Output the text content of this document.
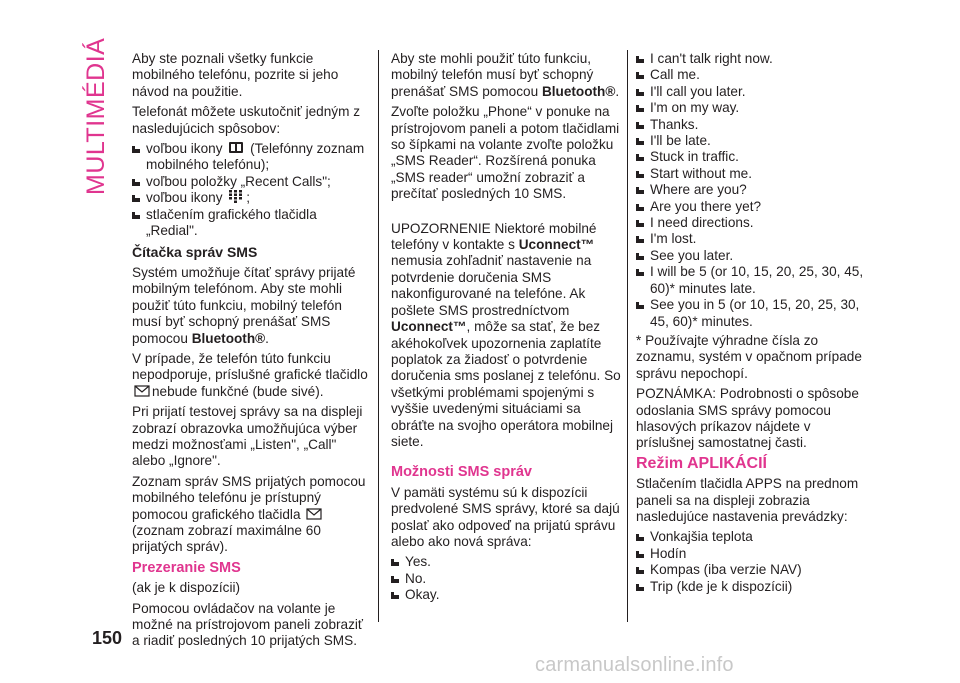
MULTIMÉDIÁ Aby ste poznali všetky funkcie mobilného telefónu, pozrite si jeho návod na použitie.

Telefonát môžete uskutočniť jedným z nasledujúcich spôsobov:

voľbou ikony (Telefónny zoznam mobilného telefónu);
voľbou položky „Recent Calls";
voľbou ikony ;
stlačením grafického tlačidla „Redial".

Čítačka správ SMS

Systém umožňuje čítať správy prijaté mobilným telefónom. Aby ste mohli použiť túto funkciu, mobilný telefón musí byť schopný prenášať SMS pomocou Bluetooth®.

V prípade, že telefón túto funkciu nepodporuje, príslušné grafické tlačidlo nebude funkčné (bude sivé).

Pri prijatí testovej správy sa na displeji zobrazí obrazovka umožňujúca výber medzi možnosťami „Listen", „Call" alebo „Ignore".

Zoznam správ SMS prijatých pomocou mobilného telefónu je prístupný pomocou grafického tlačidla  (zoznam zobrazí maximálne 60 prijatých správ).

Prezeranie SMS

(ak je k dispozícii)

Pomocou ovládačov na volante je možné na prístrojovom paneli zobraziť a riadiť posledných 10 prijatých SMS.

Aby ste mohli použiť túto funkciu, mobilný telefón musí byť schopný prenášať SMS pomocou Bluetooth®.

Zvoľte položku „Phone“ v ponuke na prístrojovom paneli a potom tlačidlami so šípkami na volante zvoľte položku „SMS Reader“. Rozšírená ponuka „SMS reader“ umožní zobraziť a prečítať posledných 10 SMS.

UPOZORNENIE Niektoré mobilné telefóny v kontakte s Uconnect™ nemusia zohľadniť nastavenie na potvrdenie doručenia SMS nakonfigurované na telefóne. Ak pošlete SMS prostredníctvom Uconnect™, môže sa stať, že bez akéhokoľvek upozornenia zaplatíte poplatok za žiadosť o potvrdenie doručenia sms poslanej z telefónu. So všetkými problémami spojenými s vyššie uvedenými situáciami sa obráťte na svojho operátora mobilnej siete.

Možnosti SMS správ

V pamäti systému sú k dispozícii predvolené SMS správy, ktoré sa dajú poslať ako odpoveď na prijatú správu alebo ako nová správa:

Yes.
No.
Okay.
I can't talk right now.
Call me.
I'll call you later.
I'm on my way.
Thanks.
I'll be late.
Stuck in traffic.
Start without me.
Where are you?
Are you there yet?
I need directions.
I'm lost.
See you later.
I will be 5 (or 10, 15, 20, 25, 30, 45, 60)* minutes late.
See you in 5 (or 10, 15, 20, 25, 30, 45, 60)* minutes.

* Používajte výhradne čísla zo zoznamu, systém v opačnom prípade správu nepochopí.

POZNÁMKA: Podrobnosti o spôsobe odoslania SMS správy pomocou hlasových príkazov nájdete v príslušnej samostatnej časti.

Režim APLIKÁCIÍ

Stlačením tlačidla APPS na prednom paneli sa na displeji zobrazia nasledujúce nastavenia prevádzky:

Vonkajšia teplota
Hodín
Kompas (iba verzie NAV)
Trip (kde je k dispozícii)
150
carmanualsonline.info
